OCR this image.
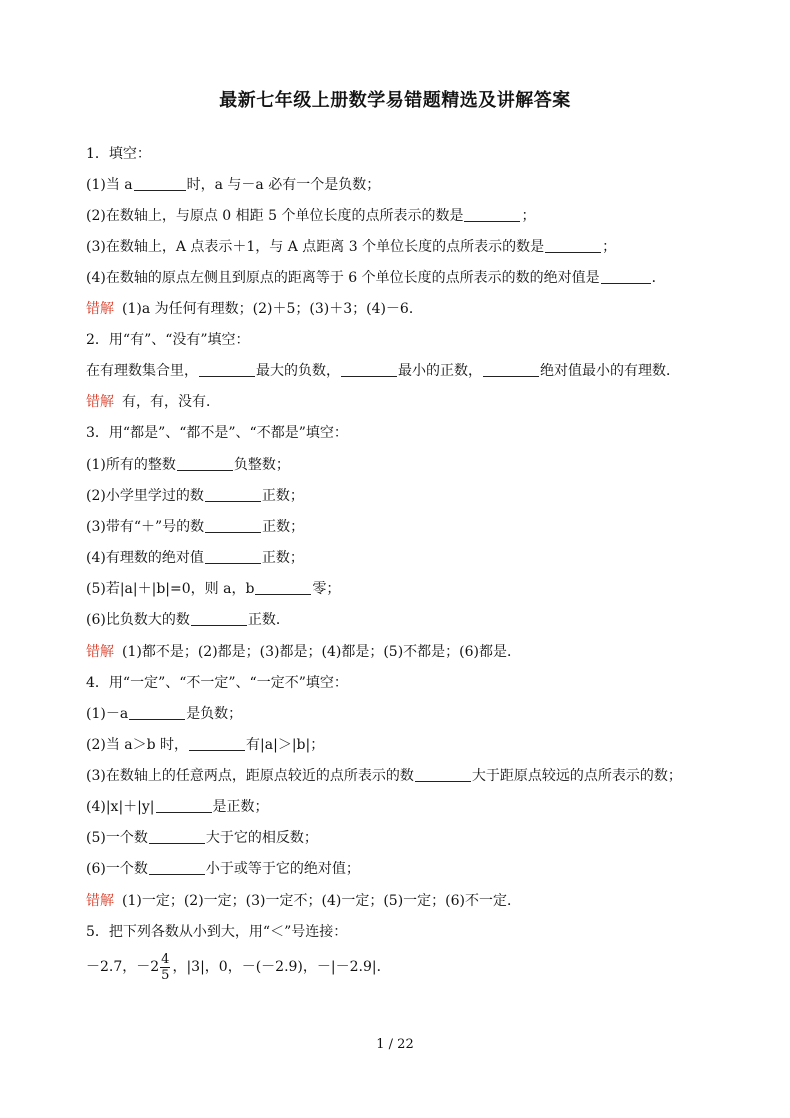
最新七年级上册数学易错题精选及讲解答案
1．填空：
(1)当 a	时，a 与－a 必有一个是负数；
(2)在数轴上，与原点 0 相距 5 个单位长度的点所表示的数是	；
(3)在数轴上，A 点表示＋1，与 A 点距离 3 个单位长度的点所表示的数是	；
(4)在数轴的原点左侧且到原点的距离等于 6 个单位长度的点所表示的数的绝对值是	．
错解 (1)a 为任何有理数；(2)＋5；(3)＋3；(4)－6．
2．用“有”、“没有”填空：
在有理数集合里，	最大的负数，	最小的正数，	绝对值最小的有理数．
错解 有，有，没有．
3．用“都是”、“都不是”、“不都是”填空：
(1)所有的整数	负整数；
(2)小学里学过的数	正数；
(3)带有“＋”号的数	正数；
(4)有理数的绝对值	正数；
(5)若|a|＋|b|=0，则 a，b	零；
(6)比负数大的数	正数．
错解 (1)都不是；(2)都是；(3)都是；(4)都是；(5)不都是；(6)都是．
4．用“一定”、“不一定”、“一定不”填空：
(1)－a	是负数；
(2)当 a＞b 时，	有|a|＞|b|；
(3)在数轴上的任意两点，距原点较近的点所表示的数	大于距原点较远的点所表示的数；
(4)|x|＋|y|	是正数；
(5)一个数	大于它的相反数；
(6)一个数	小于或等于它的绝对值；
错解 (1)一定；(2)一定；(3)一定不；(4)一定；(5)一定；(6)不一定．
5．把下列各数从小到大，用“＜”号连接：
－2.7，$-2 \frac{4}{5}$ ，|3|，0，－(－2.9)，－|－2.9|．
1 / 22
